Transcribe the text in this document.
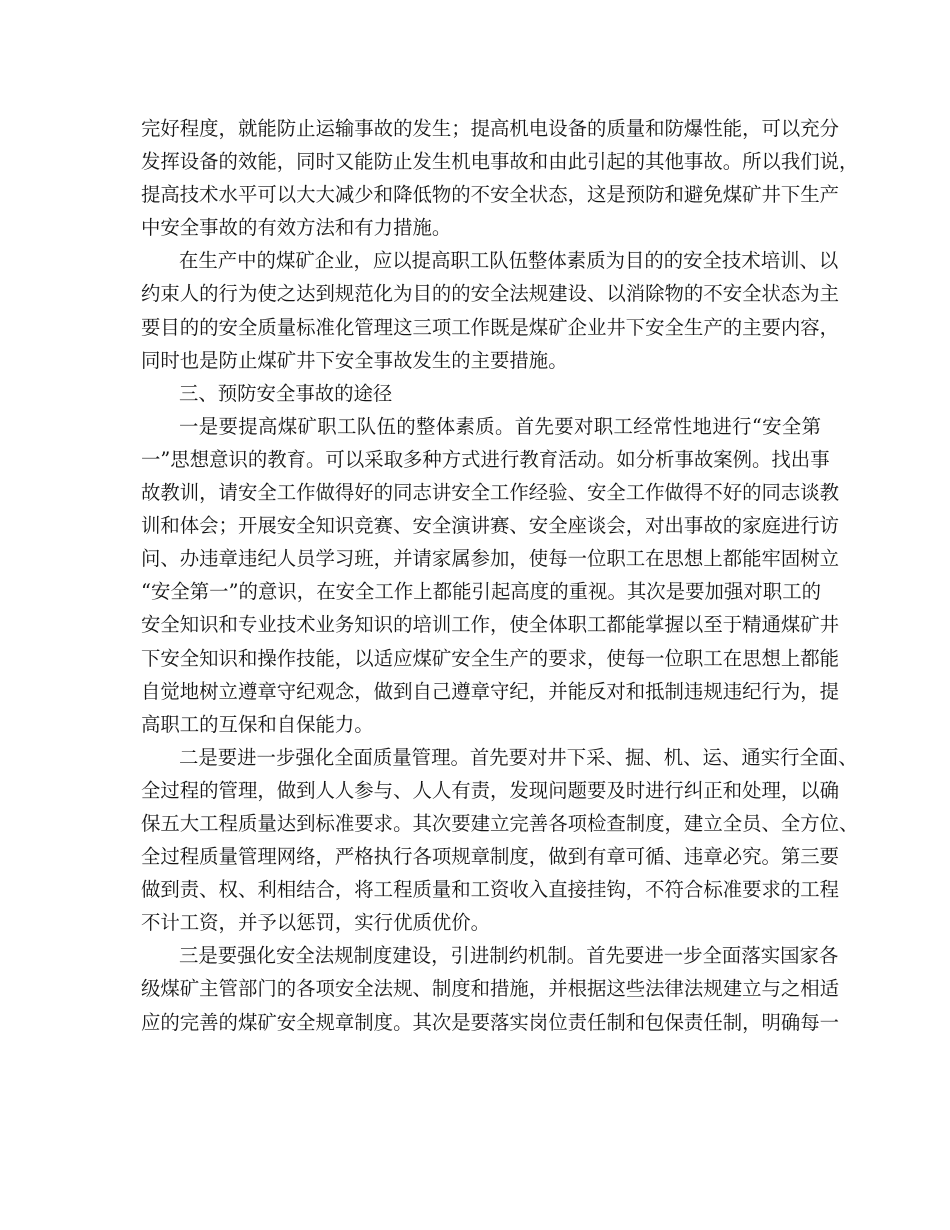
完好程度，就能防止运输事故的发生；提高机电设备的质量和防爆性能，可以充分
发挥设备的效能，同时又能防止发生机电事故和由此引起的其他事故。所以我们说，
提高技术水平可以大大减少和降低物的不安全状态，这是预防和避免煤矿井下生产
中安全事故的有效方法和有力措施。
在生产中的煤矿企业，应以提高职工队伍整体素质为目的的安全技术培训、以
约束人的行为使之达到规范化为目的的安全法规建设、以消除物的不安全状态为主
要目的的安全质量标准化管理这三项工作既是煤矿企业井下安全生产的主要内容，
同时也是防止煤矿井下安全事故发生的主要措施。
三、预防安全事故的途径
一是要提高煤矿职工队伍的整体素质。首先要对职工经常性地进行“安全第
一”思想意识的教育。可以采取多种方式进行教育活动。如分析事故案例。找出事
故教训，请安全工作做得好的同志讲安全工作经验、安全工作做得不好的同志谈教
训和体会；开展安全知识竞赛、安全演讲赛、安全座谈会，对出事故的家庭进行访
问、办违章违纪人员学习班，并请家属参加，使每一位职工在思想上都能牢固树立
“安全第一”的意识，在安全工作上都能引起高度的重视。其次是要加强对职工的
安全知识和专业技术业务知识的培训工作，使全体职工都能掌握以至于精通煤矿井
下安全知识和操作技能，以适应煤矿安全生产的要求，使每一位职工在思想上都能
自觉地树立遵章守纪观念，做到自己遵章守纪，并能反对和抵制违规违纪行为，提
高职工的互保和自保能力。
二是要进一步强化全面质量管理。首先要对井下采、掘、机、运、通实行全面、
全过程的管理，做到人人参与、人人有责，发现问题要及时进行纠正和处理，以确
保五大工程质量达到标准要求。其次要建立完善各项检查制度，建立全员、全方位、
全过程质量管理网络，严格执行各项规章制度，做到有章可循、违章必究。第三要
做到责、权、利相结合，将工程质量和工资收入直接挂钩，不符合标准要求的工程
不计工资，并予以惩罚，实行优质优价。
三是要强化安全法规制度建设，引进制约机制。首先要进一步全面落实国家各
级煤矿主管部门的各项安全法规、制度和措施，并根据这些法律法规建立与之相适
应的完善的煤矿安全规章制度。其次是要落实岗位责任制和包保责任制，明确每一
